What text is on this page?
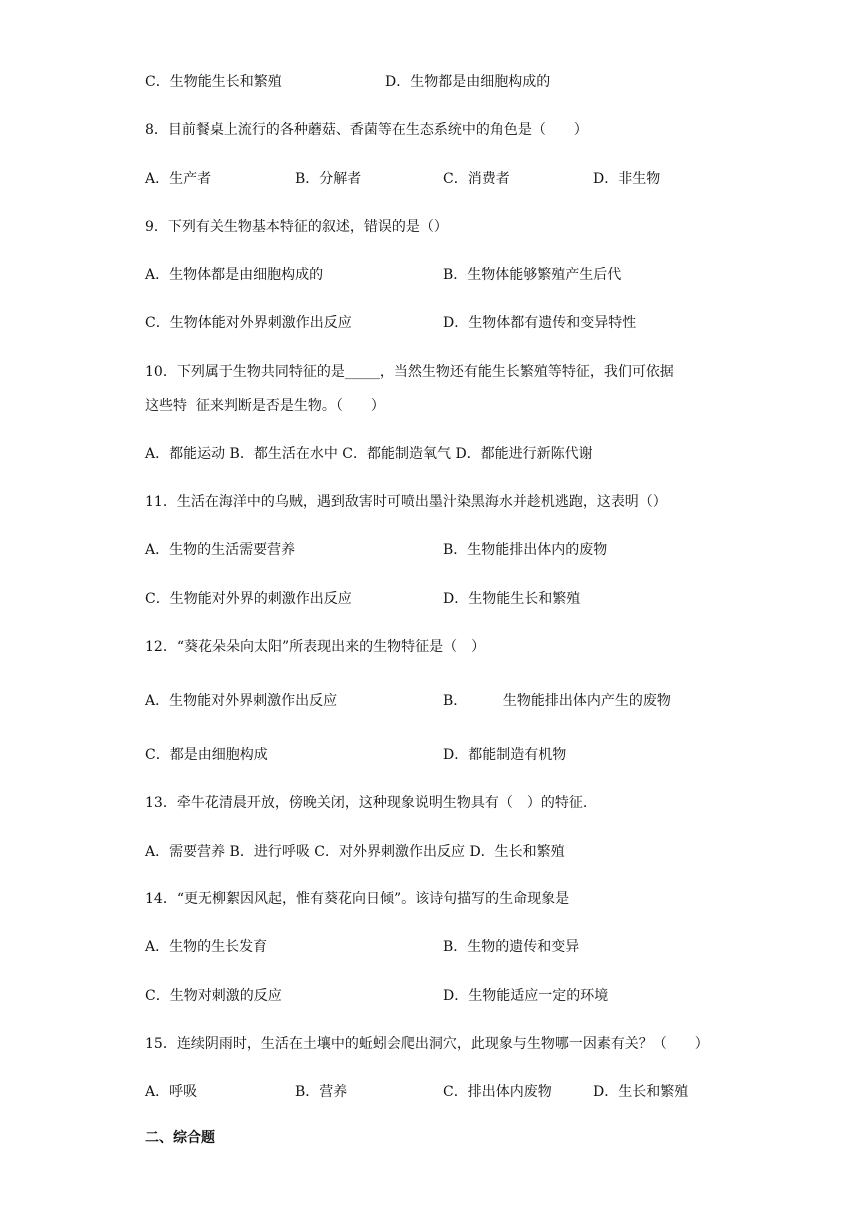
C．生物能生长和繁殖	D．生物都是由细胞构成的
8．目前餐桌上流行的各种蘑菇、香菌等在生态系统中的角色是（　　）
A．生产者	B．分解者	C．消费者	D．非生物
9．下列有关生物基本特征的叙述，错误的是（）
A．生物体都是由细胞构成的	B．生物体能够繁殖产生后代
C．生物体能对外界刺激作出反应	D．生物体都有遗传和变异特性
10．下列属于生物共同特征的是_____，当然生物还有能生长繁殖等特征，我们可依据
这些特  征来判断是否是生物。（　　）
A．都能运动 B．都生活在水中 C．都能制造氧气 D．都能进行新陈代谢
11．生活在海洋中的乌贼，遇到敌害时可喷出墨汁染黑海水并趁机逃跑，这表明（）
A．生物的生活需要营养	B．生物能排出体内的废物
C．生物能对外界的刺激作出反应	D．生物能生长和繁殖
12．“葵花朵朵向太阳”所表现出来的生物特征是（　）
A．生物能对外界刺激作出反应	B．        生物能排出体内产生的废物
C．都是由细胞构成	D．都能制造有机物
13．牵牛花清晨开放，傍晚关闭，这种现象说明生物具有（　）的特征.
A．需要营养 B．进行呼吸 C．对外界刺激作出反应 D．生长和繁殖
14．“更无柳絮因风起，惟有葵花向日倾”。该诗句描写的生命现象是
A．生物的生长发育	B．生物的遗传和变异
C．生物对刺激的反应	D．生物能适应一定的环境
15．连续阴雨时，生活在土壤中的蚯蚓会爬出洞穴，此现象与生物哪一因素有关？（　　）
A．呼吸	B．营养	C．排出体内废物	D．生长和繁殖
二、综合题
